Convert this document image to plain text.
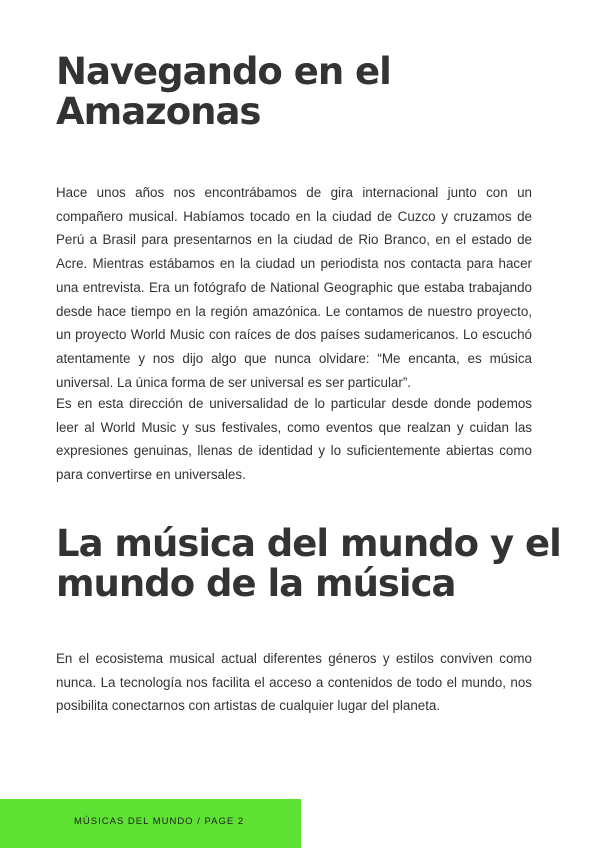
Navegando en el Amazonas

Hace unos años nos encontrábamos de gira internacional junto con un compañero musical. Habíamos tocado en la ciudad de Cuzco y cruzamos de Perú a Brasil para presentarnos en la ciudad de Rio Branco, en el estado de Acre. Mientras estábamos en la ciudad un periodista nos contacta para hacer una entrevista. Era un fotógrafo de National Geographic que estaba trabajando desde hace tiempo en la región amazónica. Le contamos de nuestro proyecto, un proyecto World Music con raíces de dos países sudamericanos. Lo escuchó atentamente y nos dijo algo que nunca olvidare: “Me encanta, es música universal. La única forma de ser universal es ser particular”.

Es en esta dirección de universalidad de lo particular desde donde podemos leer al World Music y sus festivales, como eventos que realzan y cuidan las expresiones genuinas, llenas de identidad y lo suficientemente abiertas como para convertirse en universales.

La música del mundo y el mundo de la música

En el ecosistema musical actual diferentes géneros y estilos conviven como nunca. La tecnología nos facilita el acceso a contenidos de todo el mundo, nos posibilita conectarnos con artistas de cualquier lugar del planeta.

MÚSICAS DEL MUNDO / PAGE 2
